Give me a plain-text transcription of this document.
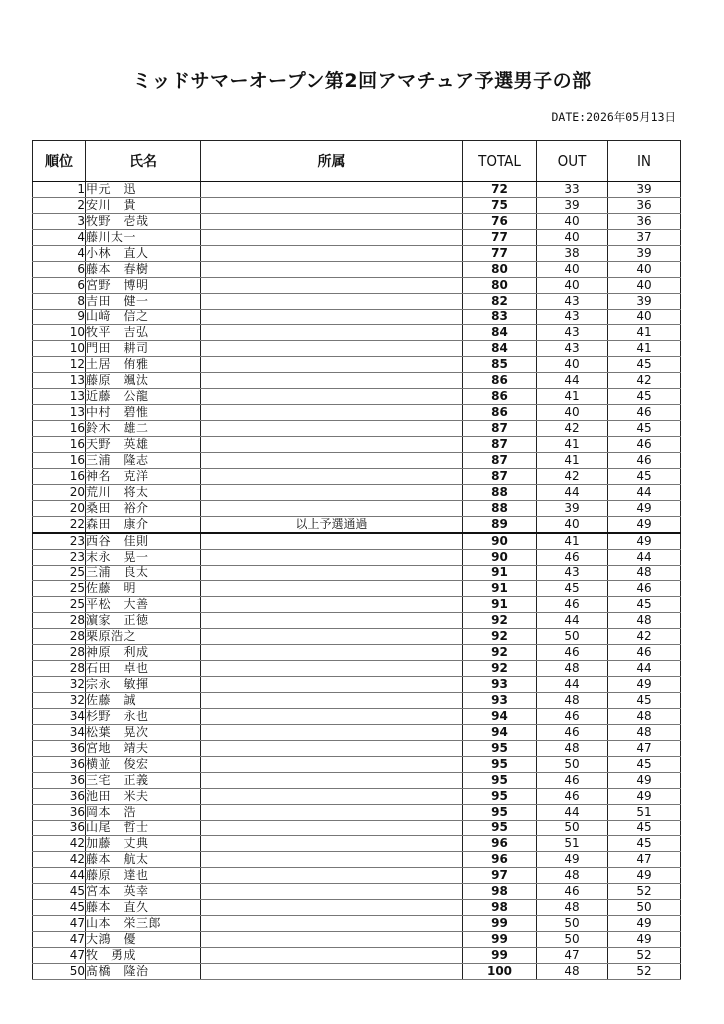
ミッドサマーオープン第2回アマチュア予選男子の部
DATE:2026年05月13日
順位	氏名	所属	TOTAL	OUT	IN
1	甲元　迅		72	33	39
2	安川　貴		75	39	36
3	牧野　壱哉		76	40	36
4	藤川太一		77	40	37
4	小林　直人		77	38	39
6	藤本　春樹		80	40	40
6	宮野　博明		80	40	40
8	吉田　健一		82	43	39
9	山﨑　信之		83	43	40
10	牧平　吉弘		84	43	41
10	門田　耕司		84	43	41
12	土居　侑雅		85	40	45
13	藤原　颯汰		86	44	42
13	近藤　公龍		86	41	45
13	中村　碧惟		86	40	46
16	鈴木　雄二		87	42	45
16	天野　英雄		87	41	46
16	三浦　隆志		87	41	46
16	神名　克洋		87	42	45
20	荒川　将太		88	44	44
20	桑田　裕介		88	39	49
22	森田　康介	以上予選通過	89	40	49
23	西谷　佳則		90	41	49
23	末永　晃一		90	46	44
25	三浦　良太		91	43	48
25	佐藤　明		91	45	46
25	平松　大善		91	46	45
28	濵家　正徳		92	44	48
28	栗原浩之		92	50	42
28	神原　利成		92	46	46
28	石田　卓也		92	48	44
32	宗永　敏揮		93	44	49
32	佐藤　誠		93	48	45
34	杉野　永也		94	46	48
34	松葉　晃次		94	46	48
36	宮地　靖夫		95	48	47
36	横並　俊宏		95	50	45
36	三宅　正義		95	46	49
36	池田　米夫		95	46	49
36	岡本　浩		95	44	51
36	山尾　哲士		95	50	45
42	加藤　丈典		96	51	45
42	藤本　航太		96	49	47
44	藤原　達也		97	48	49
45	宮本　英幸		98	46	52
45	藤本　直久		98	48	50
47	山本　栄三郎		99	50	49
47	大鴻　優		99	50	49
47	牧　勇成		99	47	52
50	髙橋　隆治		100	48	52
